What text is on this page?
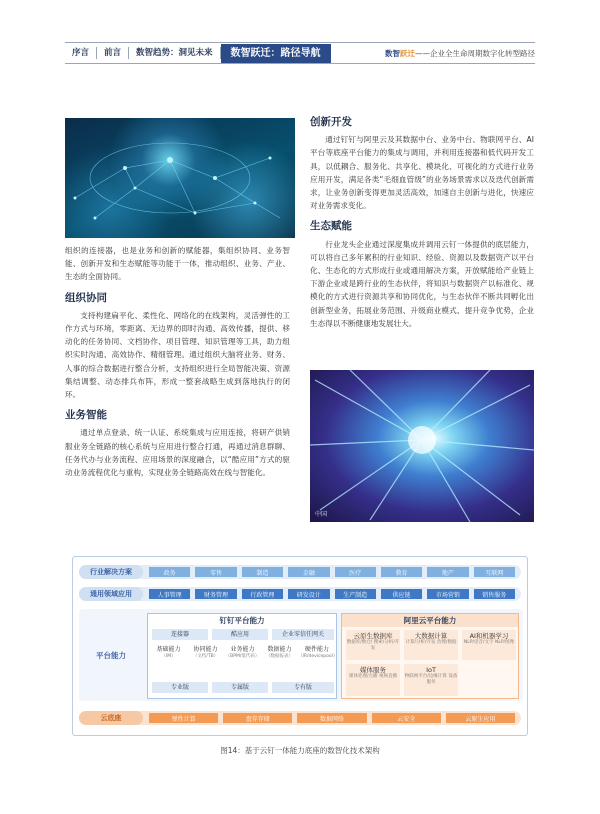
序言	前言	数智趋势：洞见未来	数智跃迁：路径导航	数智跃迁——企业全生命周期数字化转型路径

组织的连接器，也是业务和创新的赋能器，集组织协同、业务智能、创新开发和生态赋能等功能于一体，推动组织、业务、产业、生态的全面协同。

组织协同

支持构建扁平化、柔性化、网络化的在线架构，灵活弹性的工作方式与环境，零距离、无边界的即时沟通、高效传播，提供、移动化的任务协同、文档协作、项目管理、知识管理等工具，助力组织实时沟通、高效协作、精细管理。通过组织大脑将业务、财务、人事的综合数据进行整合分析，支持组织进行全局智能决策、资源集结调整、动态排兵布阵，形成一整套战略生成到落地执行的闭环。

业务智能

通过单点登录、统一认证、系统集成与应用连接，将研产供销服业务全链路的核心系统与应用进行整合打通，再通过消息群聊、任务代办与业务流程、应用场景的深度融合，以“酷应用”方式的驱动业务流程优化与重构，实现业务全链路高效在线与智能化。

创新开发

通过钉钉与阿里云及其数据中台、业务中台、物联网平台、AI平台等底座平台能力的集成与调用，并利用连接器和低代码开发工具，以低耦合、服务化、共享化、模块化、可视化的方式进行业务应用开发，满足各类“毛细血管级”的业务场景需求以及迭代创新需求，让业务创新变得更加灵活高效，加速自主创新与进化，快速应对业务需求变化。

生态赋能

行业龙头企业通过深度集成并调用云钉一体提供的底层能力，可以将自己多年累积的行业知识、经验、资源以及数据资产以平台化、生态化的方式形成行业或通用解决方案，开放赋能给产业链上下游企业或是跨行业的生态伙伴，将知识与数据资产以标准化、规模化的方式进行资源共享和协同优化，与生态伙伴不断共同孵化出创新型业务，拓展业务范围、升级商业模式、提升竞争优势，企业生态得以不断健康地发展壮大。

中国
行业解决方案	政务	零售	制造	金融	医疗	教育	地产	互联网
通用领域应用	人事管理	财务管理	行政管理	研发设计	生产制造	供应链	市场营销	销售服务
平台能力
钉钉平台能力
连接器	酷应用	企业零信任网关
基础能力
（IM）
协同能力
（文档/TB）
业务能力
（BPM/低代码）
数据能力
（数据报表）
硬件能力
（IR/devicepool）
专业版	专属版	专有版
阿里云平台能力
云原生数据库
数据库/数仓/ 搜索/分析/开发
大数据计算
计算/分析/开发 治理/数据
AI和机器学习
NLP/语音/文字 NLP/图像
媒体服务
媒体处理/点播 视频直播
IoT
物联网平台/边缘计算 设备服务
云底座	弹性计算	盘存存储	数据网络	云安全	云原生应用
图14：基于云钉一体能力底座的数智化技术架构
